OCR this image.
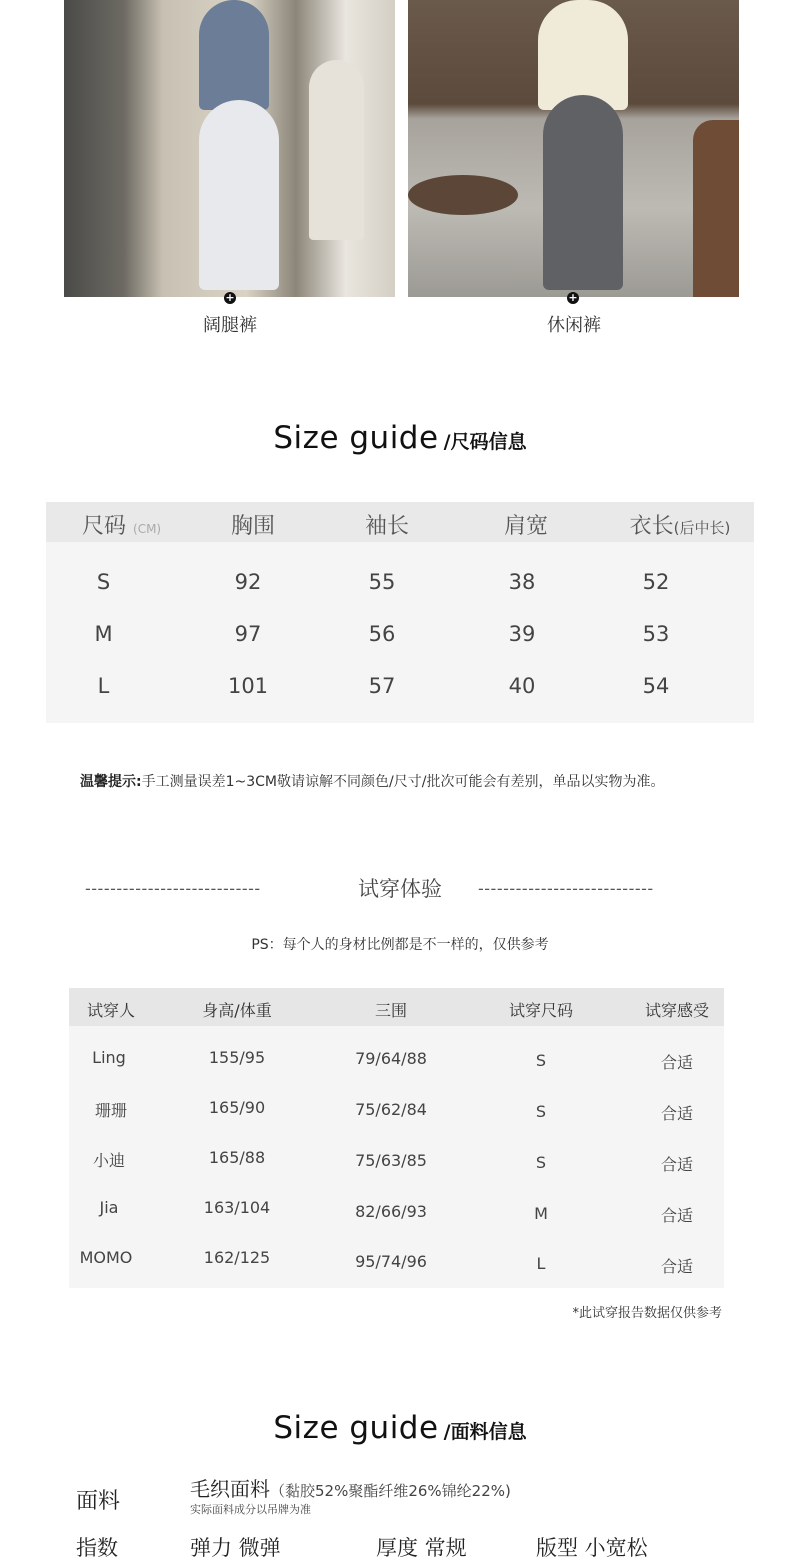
+
阔腿裤
+
休闲裤
Size guide /尺码信息
尺码 (CM)	胸围	袖长	肩宽	衣长(后中长)
S	92	55	38	52
M	97	56	39	53
L	101	57	40	54
温馨提示:手工测量误差1~3CM敬请谅解不同颜色/尺寸/批次可能会有差别，单品以实物为准。
----------------------------	试穿体验	----------------------------
PS：每个人的身材比例都是不一样的，仅供参考
试穿人	身高/体重	三围	试穿尺码	试穿感受
Ling	155/95	79/64/88	S	合适
珊珊	165/90	75/62/84	S	合适
小迪	165/88	75/63/85	S	合适
Jia	163/104	82/66/93	M	合适
MOMO	162/125	95/74/96	L	合适
*此试穿报告数据仅供参考
Size guide /面料信息
面料	毛织面料（黏胶52%聚酯纤维26%锦纶22%)
实际面料成分以吊牌为准
指数	弹力 微弹	厚度 常规	版型 小宽松
